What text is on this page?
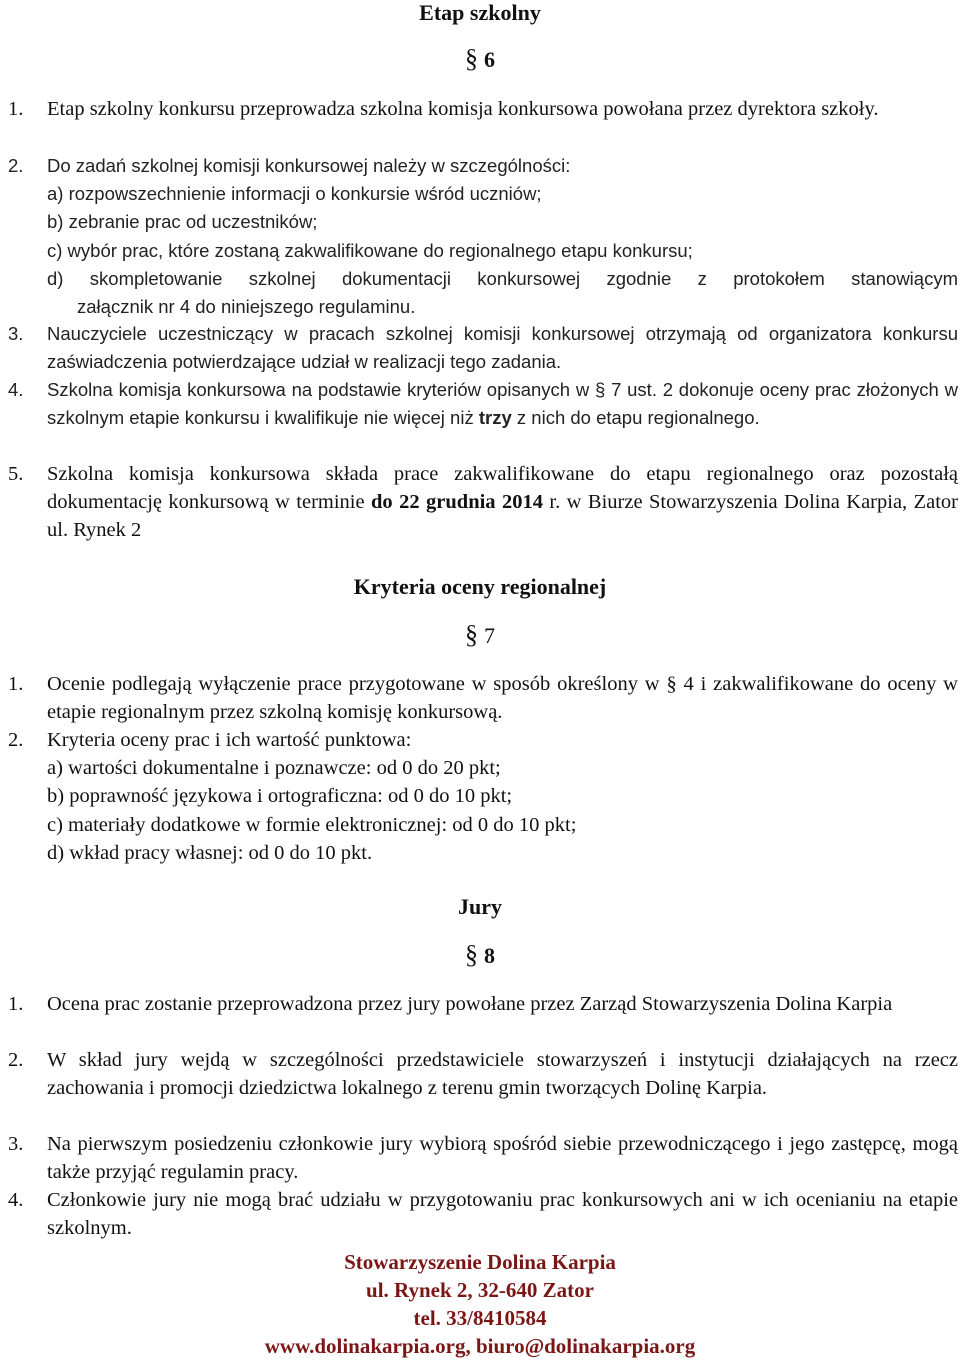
Etap szkolny
§ 6
1.	Etap szkolny konkursu przeprowadza szkolna komisja konkursowa powołana przez dyrektora szkoły.
2.	Do zadań szkolnej komisji konkursowej należy w szczególności:
a) rozpowszechnienie informacji o konkursie wśród uczniów;
b) zebranie prac od uczestników;
c) wybór prac, które zostaną zakwalifikowane do regionalnego etapu konkursu;
d) skompletowanie szkolnej dokumentacji konkursowej zgodnie z protokołem stanowiącym
załącznik nr 4 do niniejszego regulaminu.
3.	Nauczyciele uczestniczący w pracach szkolnej komisji konkursowej otrzymają od organizatora konkursu zaświadczenia potwierdzające udział w realizacji tego zadania.
4.	Szkolna komisja konkursowa na podstawie kryteriów opisanych w § 7 ust. 2 dokonuje oceny prac złożonych w szkolnym etapie konkursu i kwalifikuje nie więcej niż trzy z nich do etapu regionalnego.
5.	Szkolna komisja konkursowa składa prace zakwalifikowane do etapu regionalnego oraz pozostałą dokumentację konkursową w terminie do 22 grudnia 2014 r. w Biurze Stowarzyszenia Dolina Karpia, Zator ul. Rynek 2
Kryteria oceny regionalnej
§ 7
1.	Ocenie podlegają wyłączenie prace przygotowane w sposób określony w § 4 i zakwalifikowane do oceny w etapie regionalnym przez szkolną komisję konkursową.
2.	Kryteria oceny prac i ich wartość punktowa:
a) wartości dokumentalne i poznawcze: od 0 do 20 pkt;
b) poprawność językowa i ortograficzna: od 0 do 10 pkt;
c) materiały dodatkowe w formie elektronicznej: od 0 do 10 pkt;
d) wkład pracy własnej: od 0 do 10 pkt.
Jury
§ 8
1.	Ocena prac zostanie przeprowadzona przez jury powołane przez Zarząd Stowarzyszenia Dolina Karpia
2.	W skład jury wejdą w szczególności przedstawiciele stowarzyszeń i instytucji działających na rzecz zachowania i promocji dziedzictwa lokalnego z terenu gmin tworzących Dolinę Karpia.
3.	Na pierwszym posiedzeniu członkowie jury wybiorą spośród siebie przewodniczącego i jego zastępcę, mogą także przyjąć regulamin pracy.
4.	Członkowie jury nie mogą brać udziału w przygotowaniu prac konkursowych ani w ich ocenianiu na etapie szkolnym.
Stowarzyszenie Dolina Karpia
ul. Rynek 2, 32-640 Zator
tel. 33/8410584
www.dolinakarpia.org, biuro@dolinakarpia.org
